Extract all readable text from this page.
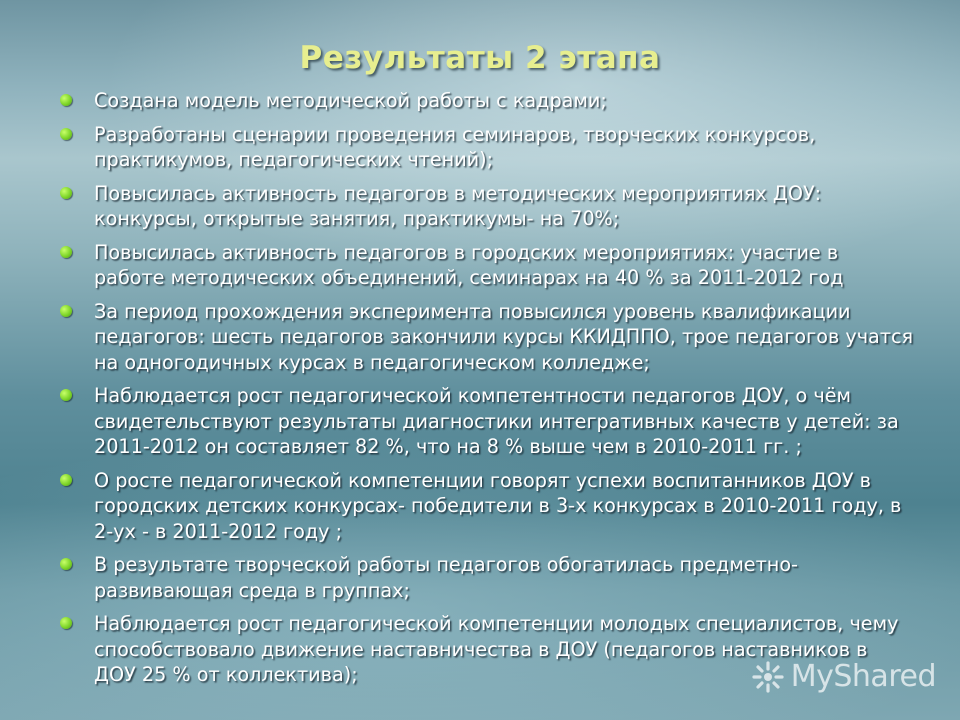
Результаты 2 этапа
Создана модель методической работы с кадрами;
Разработаны сценарии проведения семинаров, творческих конкурсов, практикумов, педагогических чтений);
Повысилась активность педагогов в методических мероприятиях ДОУ: конкурсы, открытые занятия, практикумы- на 70%;
Повысилась активность педагогов в городских мероприятиях: участие в работе методических объединений, семинарах на 40 % за 2011-2012 год
За период прохождения эксперимента повысился уровень квалификации педагогов: шесть педагогов закончили курсы ККИДППО, трое педагогов учатся на одногодичных курсах в педагогическом колледже;
Наблюдается рост педагогической компетентности педагогов ДОУ, о чём свидетельствуют результаты диагностики интегративных качеств у детей: за 2011-2012 он составляет 82 %, что на 8 % выше чем в 2010-2011 гг. ;
О росте педагогической компетенции говорят успехи воспитанников ДОУ в городских детских конкурсах- победители в 3-х конкурсах в 2010-2011 году, в 2-ух - в 2011-2012 году ;
В результате творческой работы педагогов обогатилась предметно-развивающая среда в группах;
Наблюдается рост педагогической компетенции молодых специалистов, чему способствовало движение наставничества в ДОУ (педагогов наставников в ДОУ 25 % от коллектива);	MyShared
